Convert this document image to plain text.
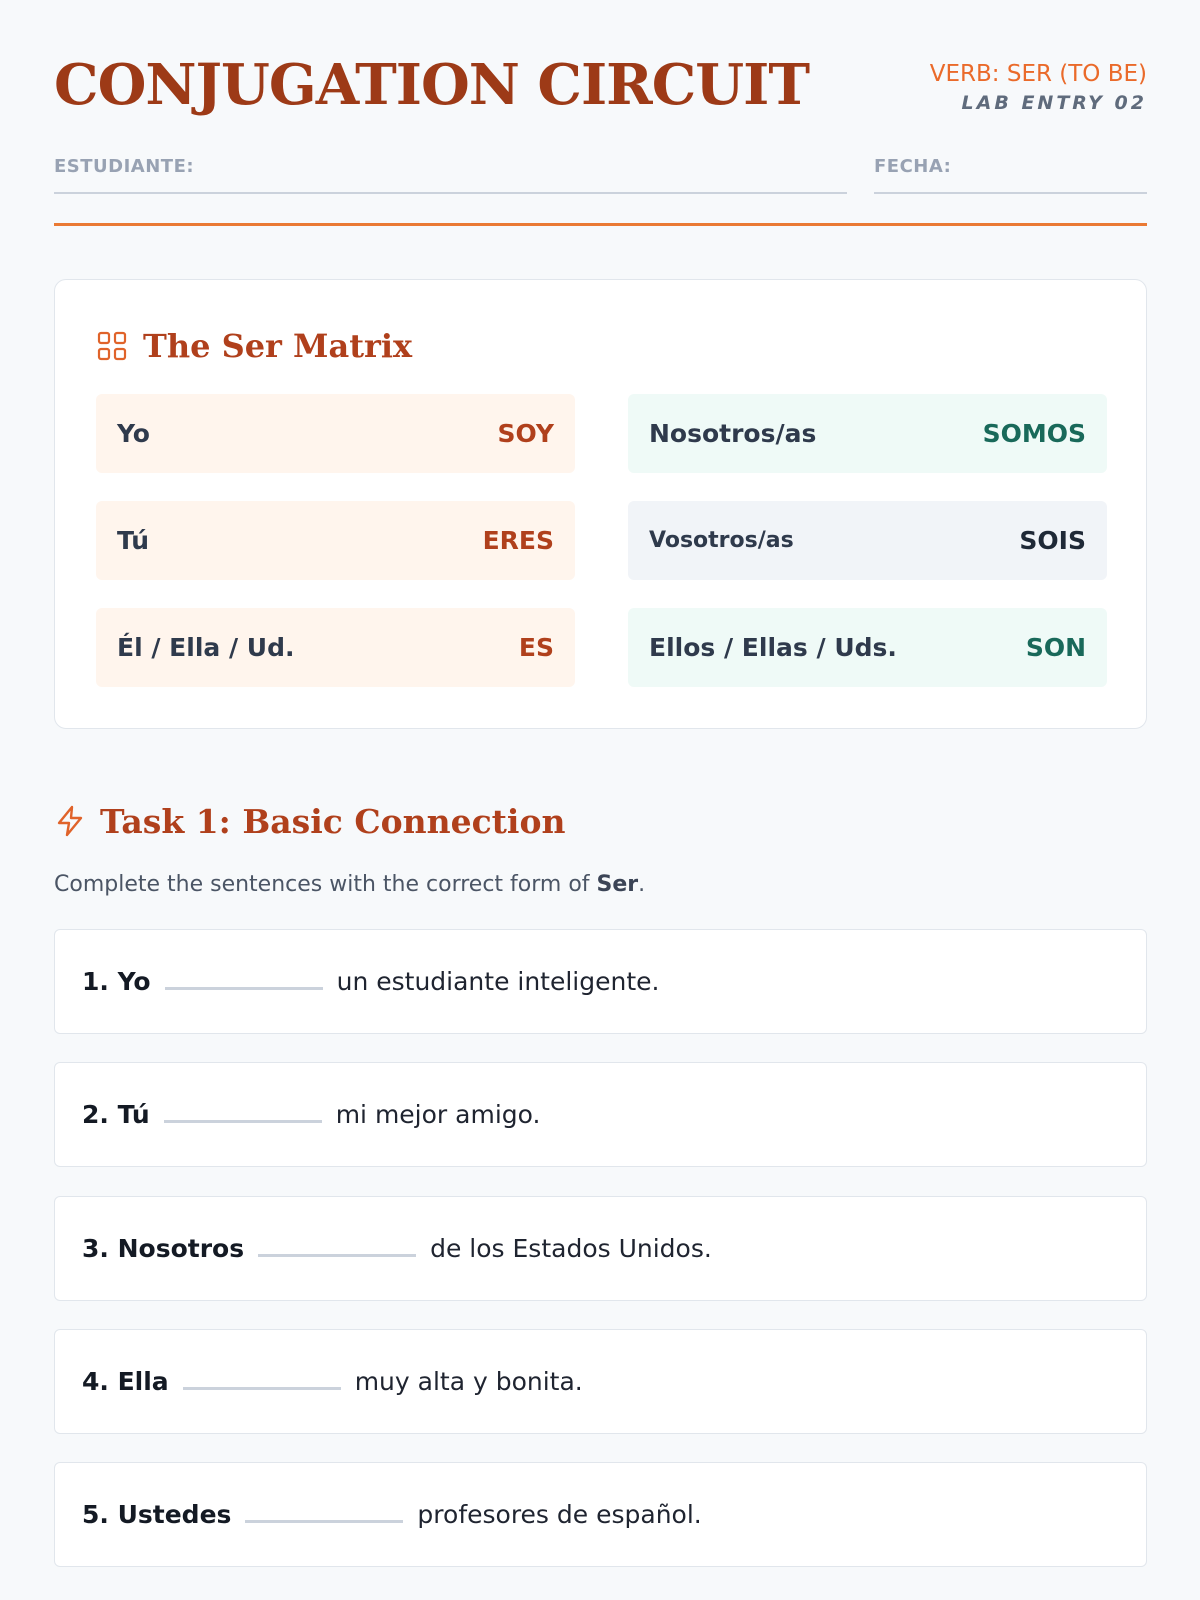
CONJUGATION CIRCUIT	VERB: SER (TO BE)
LAB ENTRY 02
ESTUDIANTE:	FECHA:
The Ser Matrix
Yo	SOY	Nosotros/as	SOMOS
Tú	ERES	Vosotros/as	SOIS
Él / Ella / Ud.	ES	Ellos / Ellas / Uds.	SON
Task 1: Basic Connection
Complete the sentences with the correct form of Ser.
1. Yo	un estudiante inteligente.
2. Tú	mi mejor amigo.
3. Nosotros	de los Estados Unidos.
4. Ella	muy alta y bonita.
5. Ustedes	profesores de español.
